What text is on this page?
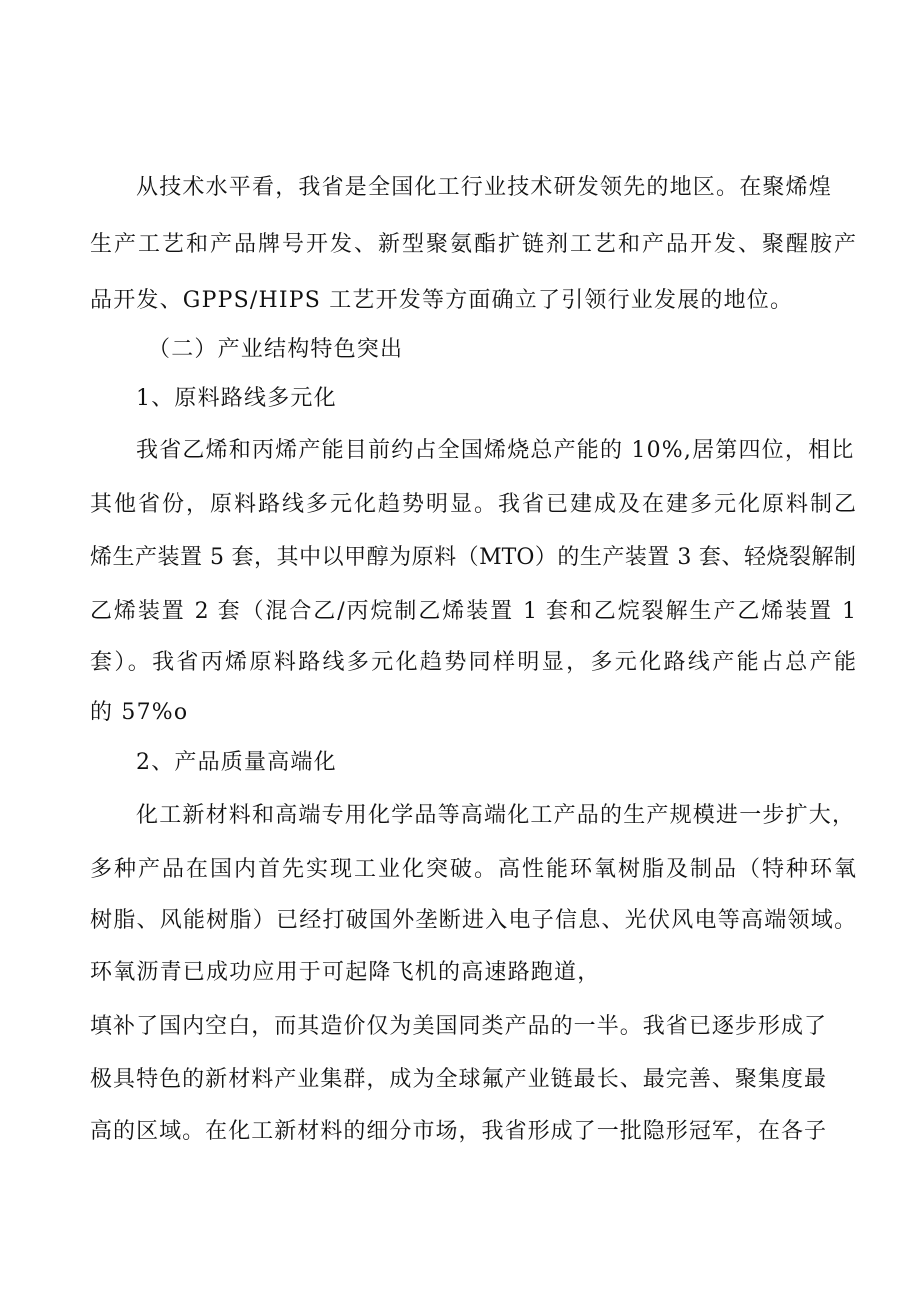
从技术水平看，我省是全国化工行业技术研发领先的地区。在聚烯煌
生产工艺和产品牌号开发、新型聚氨酯扩链剂工艺和产品开发、聚醒胺产
品开发、GPPS/HIPS 工艺开发等方面确立了引领行业发展的地位。
（二）产业结构特色突出
1、原料路线多元化
我省乙烯和丙烯产能目前约占全国烯烧总产能的 10%,居第四位，相比
其他省份，原料路线多元化趋势明显。我省已建成及在建多元化原料制乙
烯生产装置 5 套，其中以甲醇为原料（MTO）的生产装置 3 套、轻烧裂解制
乙烯装置 2 套（混合乙/丙烷制乙烯装置 1 套和乙烷裂解生产乙烯装置 1
套）。我省丙烯原料路线多元化趋势同样明显，多元化路线产能占总产能
的 57%o
2、产品质量高端化
化工新材料和高端专用化学品等高端化工产品的生产规模进一步扩大，
多种产品在国内首先实现工业化突破。高性能环氧树脂及制品（特种环氧
树脂、风能树脂）已经打破国外垄断进入电子信息、光伏风电等高端领域。
环氧沥青已成功应用于可起降飞机的高速路跑道，
填补了国内空白，而其造价仅为美国同类产品的一半。我省已逐步形成了
极具特色的新材料产业集群，成为全球氟产业链最长、最完善、聚集度最
高的区域。在化工新材料的细分市场，我省形成了一批隐形冠军，在各子
